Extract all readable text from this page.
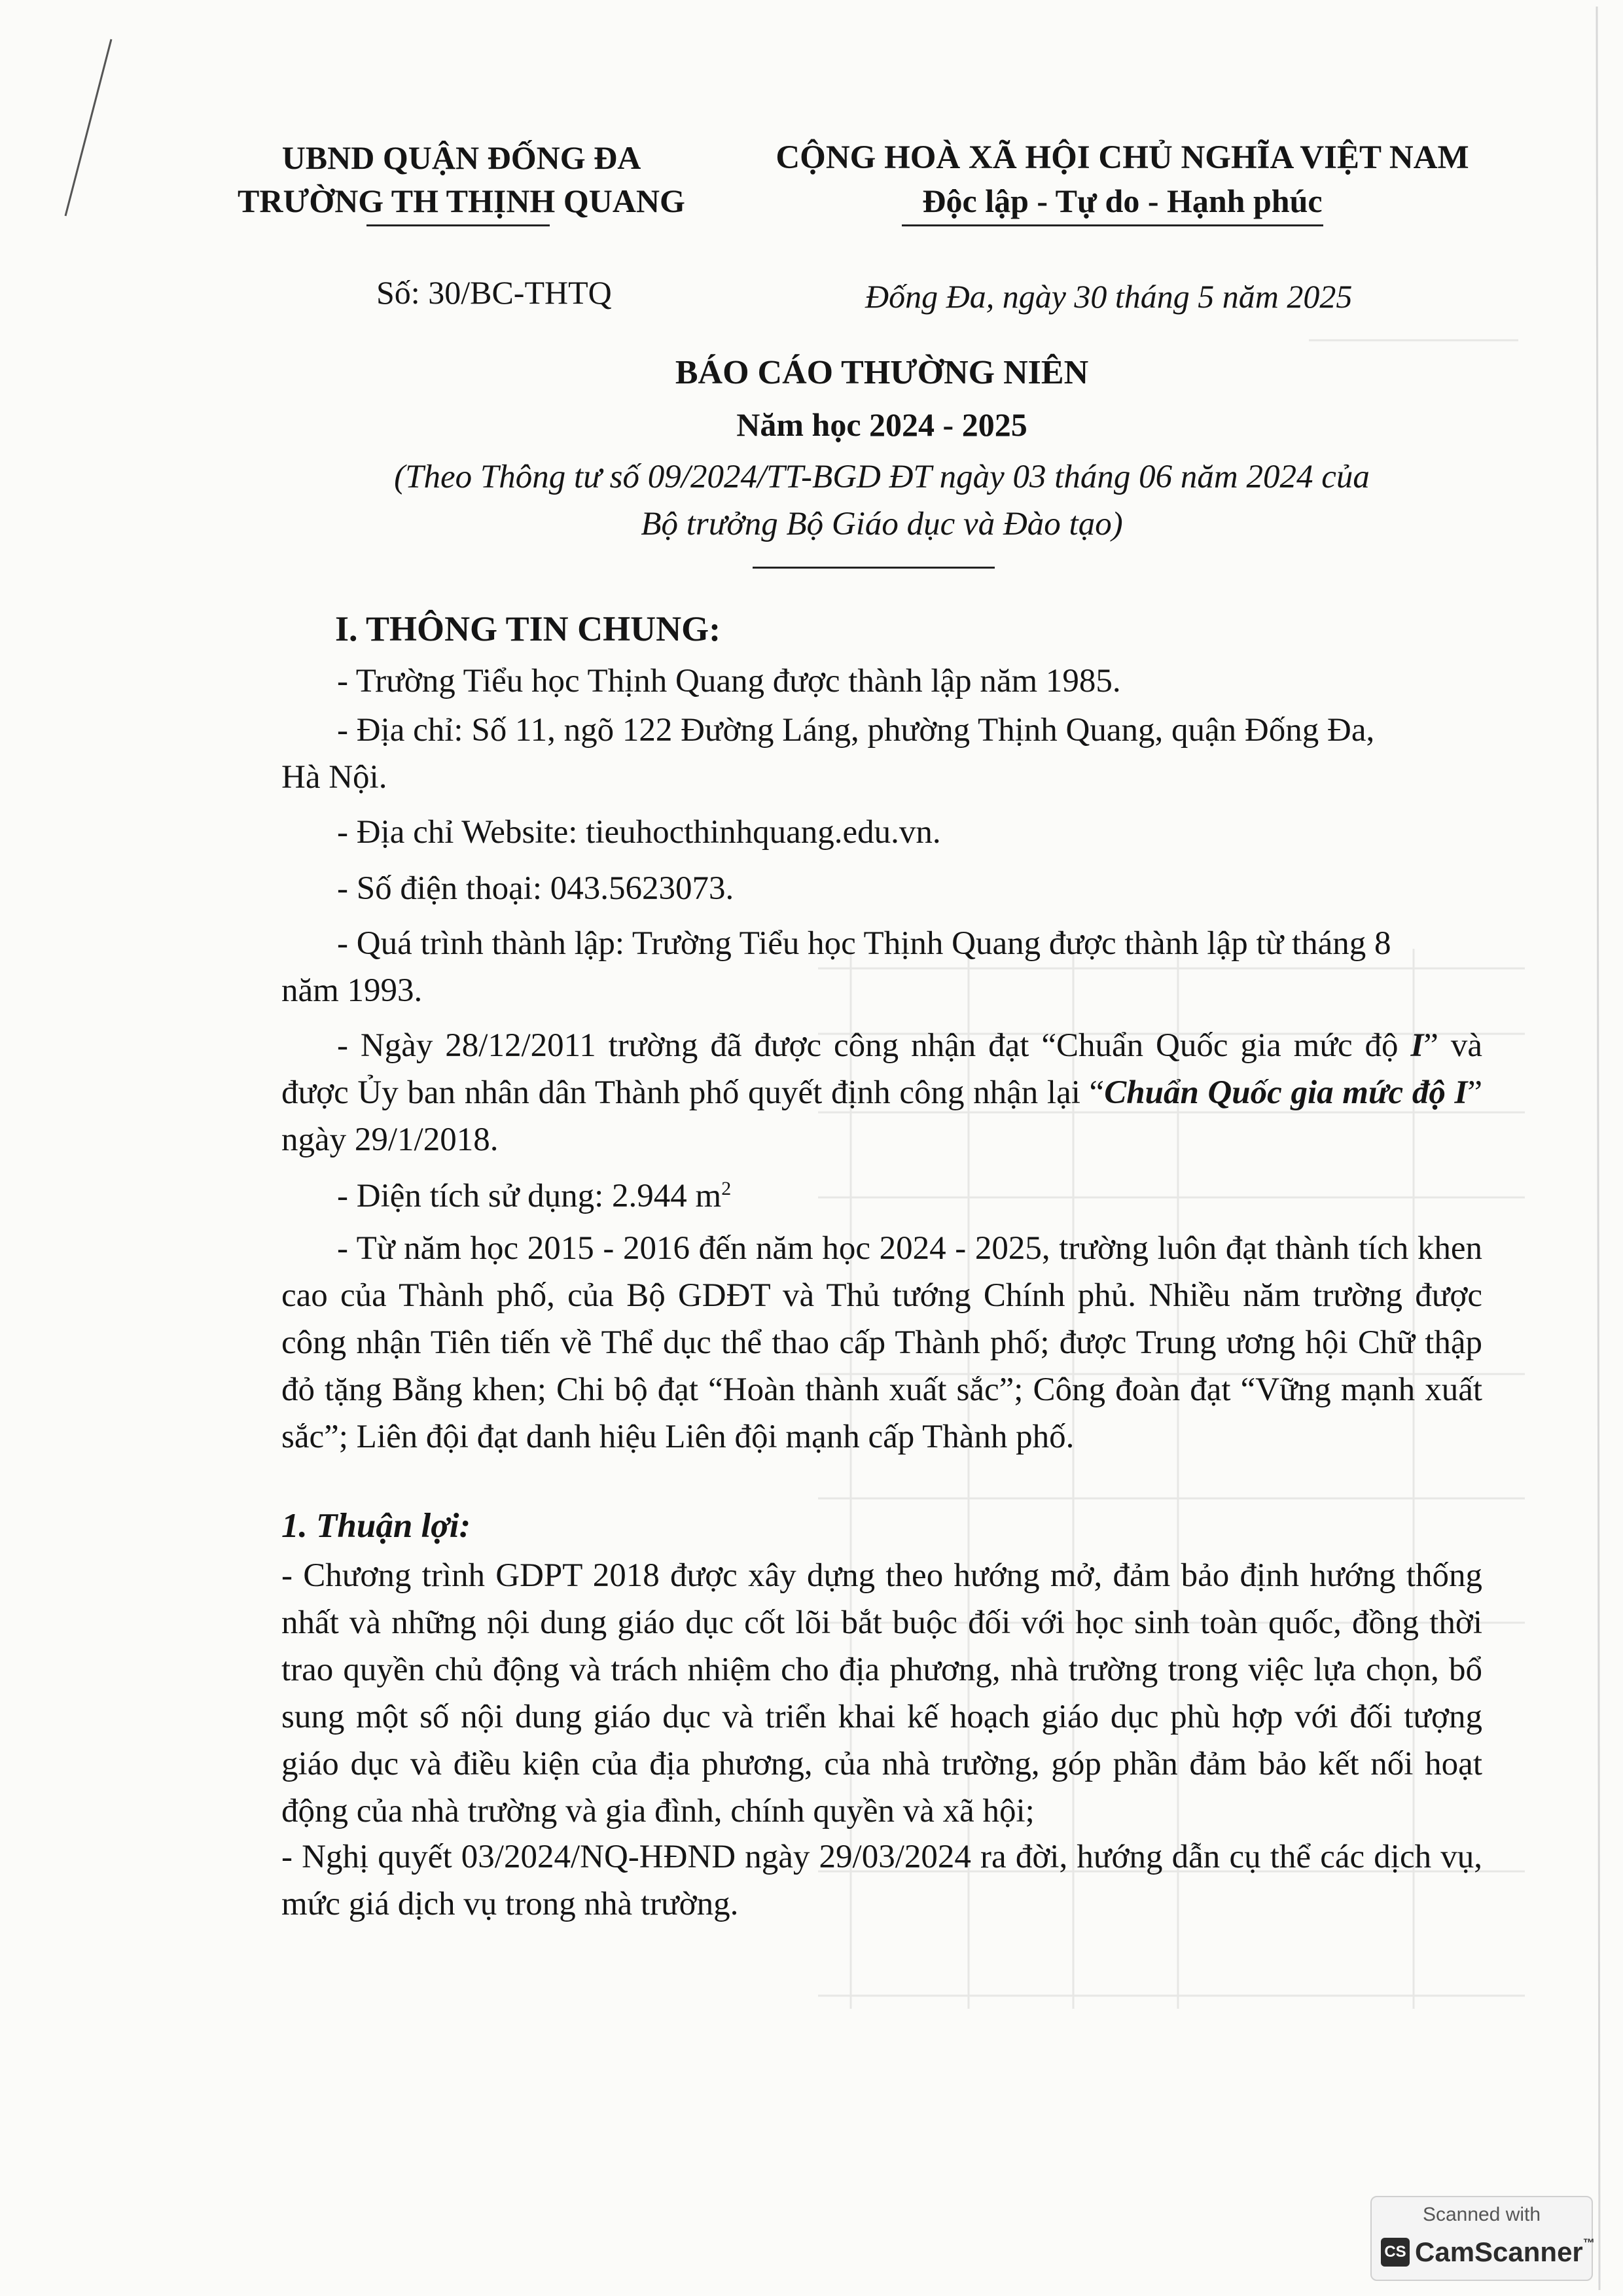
UBND QUẬN ĐỐNG ĐA
TRƯỜNG TH THỊNH QUANG
CỘNG HOÀ XÃ HỘI CHỦ NGHĨA VIỆT NAM
Độc lập - Tự do - Hạnh phúc
Số: 30/BC-THTQ	Đống Đa, ngày 30 tháng 5 năm 2025
BÁO CÁO THƯỜNG NIÊN
Năm học 2024 - 2025
(Theo Thông tư số 09/2024/TT-BGD ĐT ngày 03 tháng 06 năm 2024 của
Bộ trưởng Bộ Giáo dục và Đào tạo)
I. THÔNG TIN CHUNG:
- Trường Tiểu học Thịnh Quang được thành lập năm 1985.
- Địa chỉ: Số 11, ngõ 122 Đường Láng, phường Thịnh Quang, quận Đống Đa,
Hà Nội.
- Địa chỉ Website: tieuhocthinhquang.edu.vn.
- Số điện thoại: 043.5623073.
- Quá trình thành lập: Trường Tiểu học Thịnh Quang được thành lập từ tháng 8
năm 1993.
- Ngày 28/12/2011 trường đã được công nhận đạt “Chuẩn Quốc gia mức độ I” và được Ủy ban nhân dân Thành phố quyết định công nhận lại “Chuẩn Quốc gia mức độ I” ngày 29/1/2018.
- Diện tích sử dụng: 2.944 $m^2$
- Từ năm học 2015 - 2016 đến năm học 2024 - 2025, trường luôn đạt thành tích khen cao của Thành phố, của Bộ GDĐT và Thủ tướng Chính phủ. Nhiều năm trường được công nhận Tiên tiến về Thể dục thể thao cấp Thành phố; được Trung ương hội Chữ thập đỏ tặng Bằng khen; Chi bộ đạt “Hoàn thành xuất sắc”; Công đoàn đạt “Vững mạnh xuất sắc”; Liên đội đạt danh hiệu Liên đội mạnh cấp Thành phố.
1. Thuận lợi:
- Chương trình GDPT 2018 được xây dựng theo hướng mở, đảm bảo định hướng thống nhất và những nội dung giáo dục cốt lõi bắt buộc đối với học sinh toàn quốc, đồng thời trao quyền chủ động và trách nhiệm cho địa phương, nhà trường trong việc lựa chọn, bổ sung một số nội dung giáo dục và triển khai kế hoạch giáo dục phù hợp với đối tượng giáo dục và điều kiện của địa phương, của nhà trường, góp phần đảm bảo kết nối hoạt động của nhà trường và gia đình, chính quyền và xã hội;
- Nghị quyết 03/2024/NQ-HĐND ngày 29/03/2024 ra đời, hướng dẫn cụ thể các dịch vụ, mức giá dịch vụ trong nhà trường.
Scanned with
CS CamScanner™
